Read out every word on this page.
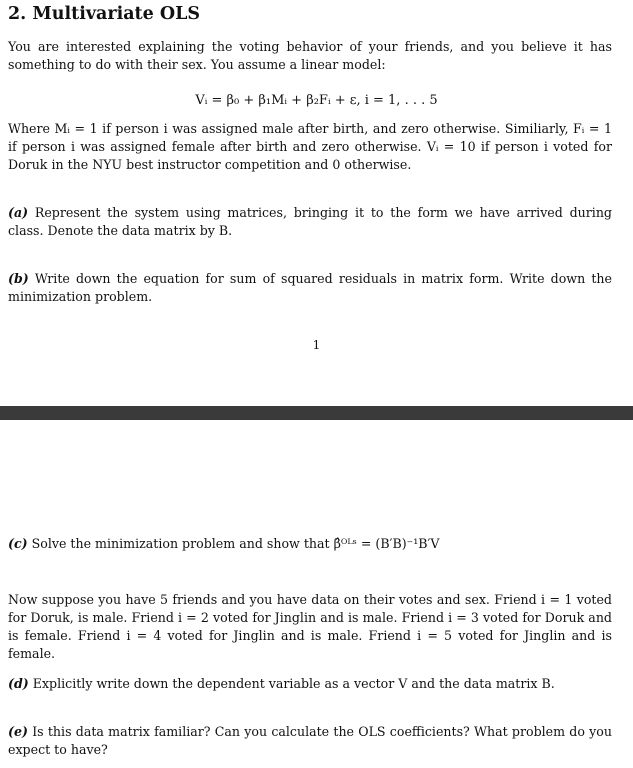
2. Multivariate OLS

You are interested explaining the voting behavior of your friends, and you believe it has something to do with their sex. You assume a linear model:

Vᵢ = β₀ + β₁Mᵢ + β₂Fᵢ + ε, i = 1, . . . 5

Where Mᵢ = 1 if person i was assigned male after birth, and zero otherwise. Similiarly, Fᵢ = 1 if person i was assigned female after birth and zero otherwise. Vᵢ = 10 if person i voted for Doruk in the NYU best instructor competition and 0 otherwise.

(a) Represent the system using matrices, bringing it to the form we have arrived during class. Denote the data matrix by B.

(b) Write down the equation for sum of squared residuals in matrix form. Write down the minimization problem.

1

(c) Solve the minimization problem and show that β̂ᴼᴸˢ = (B′B)⁻¹B′V

Now suppose you have 5 friends and you have data on their votes and sex. Friend i = 1 voted for Doruk, is male. Friend i = 2 voted for Jinglin and is male. Friend i = 3 voted for Doruk and is female. Friend i = 4 voted for Jinglin and is male. Friend i = 5 voted for Jinglin and is female.

(d) Explicitly write down the dependent variable as a vector V and the data matrix B.

(e) Is this data matrix familiar? Can you calculate the OLS coefficients? What problem do you expect to have?
